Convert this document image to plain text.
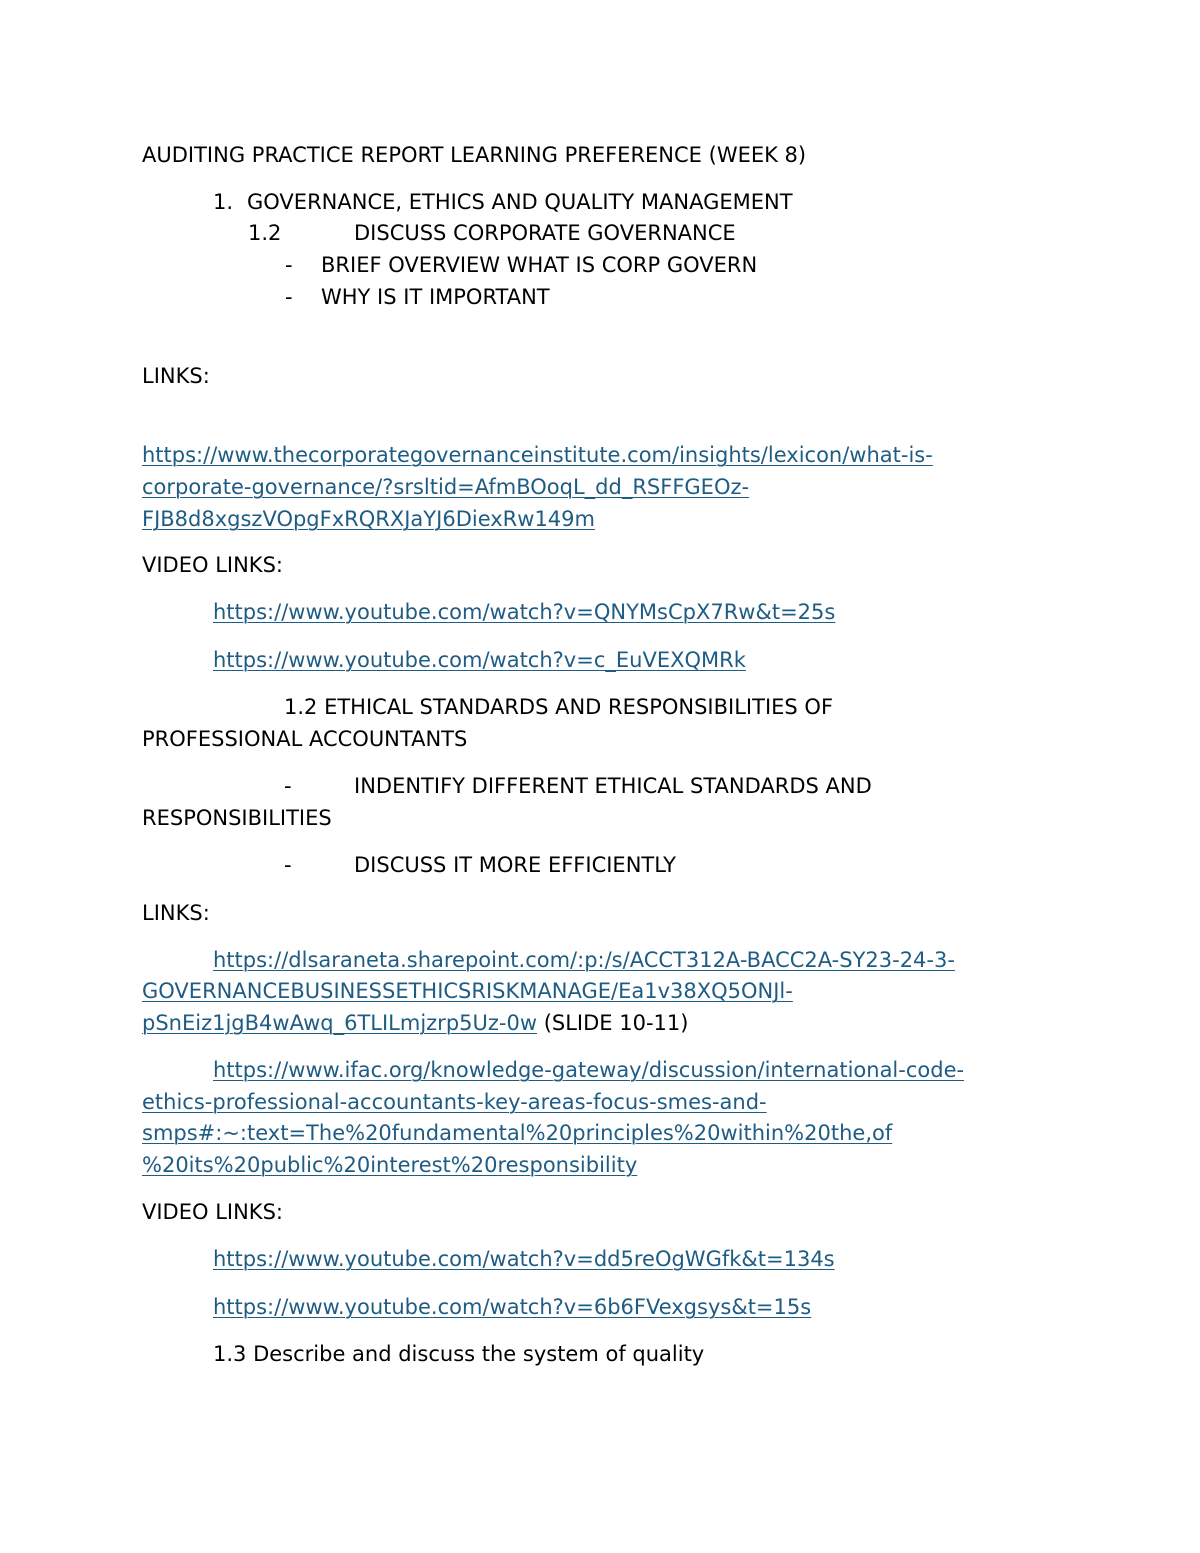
AUDITING PRACTICE REPORT LEARNING PREFERENCE (WEEK 8)
1. GOVERNANCE, ETHICS AND QUALITY MANAGEMENT
1.2	DISCUSS CORPORATE GOVERNANCE
- BRIEF OVERVIEW WHAT IS CORP GOVERN
- WHY IS IT IMPORTANT
LINKS:
https://www.thecorporategovernanceinstitute.com/insights/lexicon/what-is-
corporate-governance/?srsltid=AfmBOoqL_dd_RSFFGEOz-
FJB8d8xgszVOpgFxRQRXJaYJ6DiexRw149m
VIDEO LINKS:
https://www.youtube.com/watch?v=QNYMsCpX7Rw&t=25s
https://www.youtube.com/watch?v=c_EuVEXQMRk
1.2 ETHICAL STANDARDS AND RESPONSIBILITIES OF
PROFESSIONAL ACCOUNTANTS
-	INDENTIFY DIFFERENT ETHICAL STANDARDS AND
RESPONSIBILITIES
-	DISCUSS IT MORE EFFICIENTLY
LINKS:
https://dlsaraneta.sharepoint.com/:p:/s/ACCT312A-BACC2A-SY23-24-3-
GOVERNANCEBUSINESSETHICSRISKMANAGE/Ea1v38XQ5ONJl-
pSnEiz1jgB4wAwq_6TLILmjzrp5Uz-0w (SLIDE 10-11)
https://www.ifac.org/knowledge-gateway/discussion/international-code-
ethics-professional-accountants-key-areas-focus-smes-and-
smps#:~:text=The%20fundamental%20principles%20within%20the,of
%20its%20public%20interest%20responsibility
VIDEO LINKS:
https://www.youtube.com/watch?v=dd5reOgWGfk&t=134s
https://www.youtube.com/watch?v=6b6FVexgsys&t=15s
1.3 Describe and discuss the system of quality
